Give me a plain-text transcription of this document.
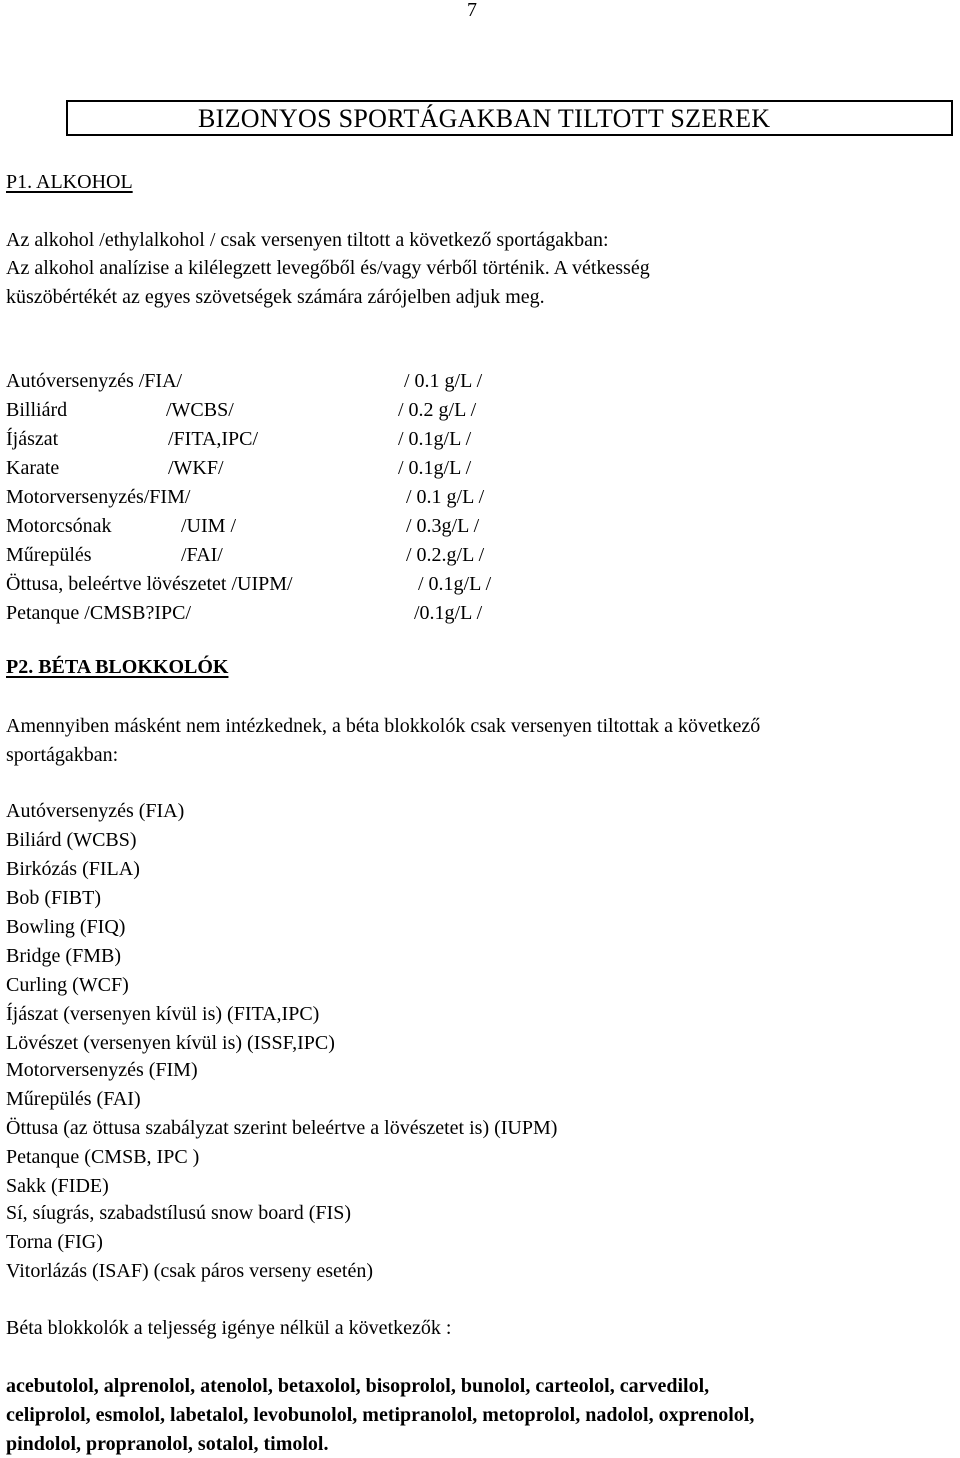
7
BIZONYOS SPORTÁGAKBAN TILTOTT SZEREK
P1. ALKOHOL
Az alkohol /ethylalkohol / csak versenyen tiltott a következő sportágakban:
Az alkohol analízise a kilélegzett levegőből és/vagy vérből történik. A vétkesség
küszöbértékét az egyes szövetségek számára zárójelben adjuk meg.
Autóversenyzés /FIA/	/ 0.1 g/L /
Billiárd	/WCBS/	/ 0.2 g/L /
Íjászat	/FITA,IPC/	/ 0.1g/L /
Karate	/WKF/	/ 0.1g/L /
Motorversenyzés/FIM/	/ 0.1 g/L /
Motorcsónak	/UIM /	/ 0.3g/L /
Műrepülés	/FAI/	/ 0.2.g/L /
Öttusa, beleértve lövészetet /UIPM/	/ 0.1g/L /
Petanque /CMSB?IPC/	/0.1g/L /
P2. BÉTA BLOKKOLÓK
Amennyiben másként nem intézkednek, a béta blokkolók csak versenyen tiltottak a következő
sportágakban:
Autóversenyzés (FIA)
Biliárd (WCBS)
Birkózás (FILA)
Bob (FIBT)
Bowling (FIQ)
Bridge (FMB)
Curling (WCF)
Íjászat (versenyen kívül is) (FITA,IPC)
Lövészet (versenyen kívül is) (ISSF,IPC)
Motorversenyzés (FIM)
Műrepülés (FAI)
Öttusa (az öttusa szabályzat szerint beleértve a lövészetet is) (IUPM)
Petanque (CMSB, IPC )
Sakk (FIDE)
Sí, síugrás, szabadstílusú snow board (FIS)
Torna (FIG)
Vitorlázás (ISAF) (csak páros verseny esetén)
Béta blokkolók a teljesség igénye nélkül a következők :
acebutolol, alprenolol, atenolol, betaxolol, bisoprolol, bunolol, carteolol, carvedilol,
celiprolol, esmolol, labetalol, levobunolol, metipranolol, metoprolol, nadolol, oxprenolol,
pindolol, propranolol, sotalol, timolol.
